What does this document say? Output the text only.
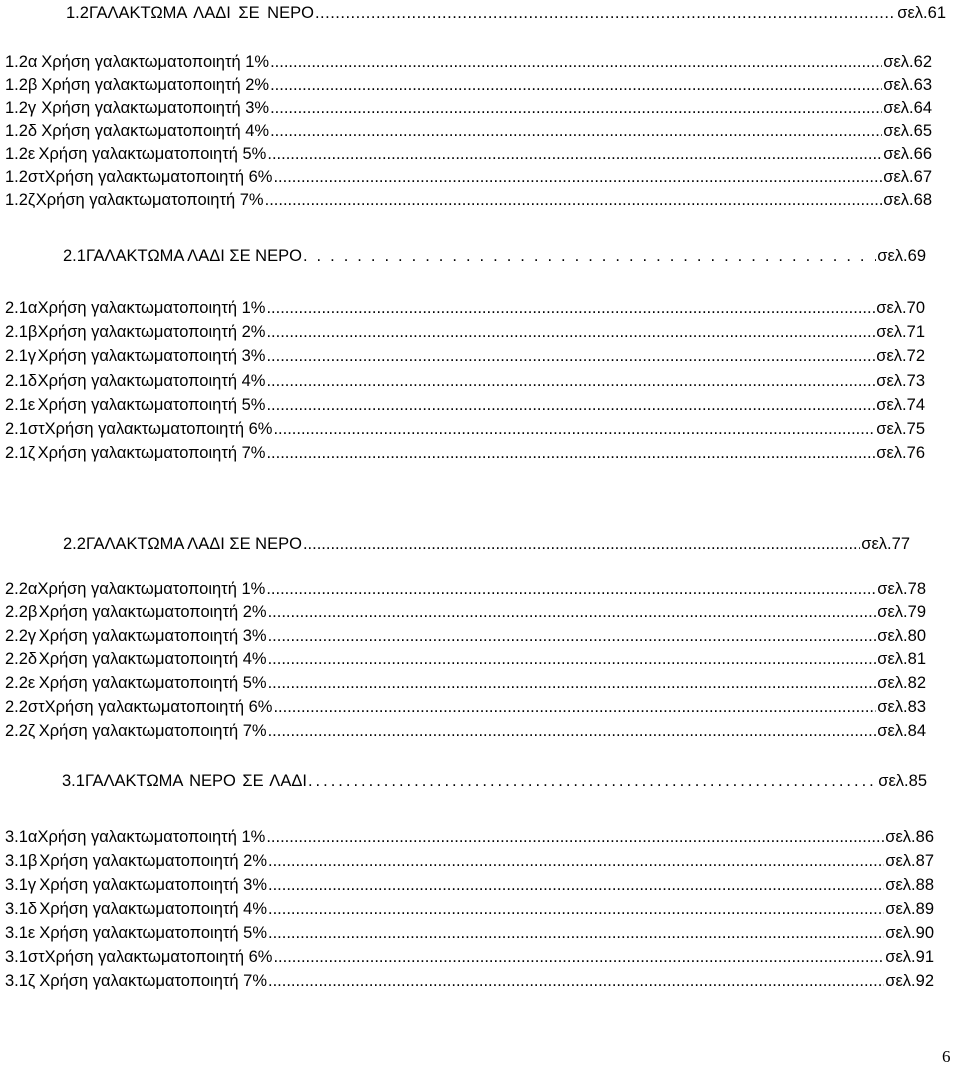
1.2 ΓΑΛΑΚΤΩΜΑ ΛΑΔΙ ΣΕ ΝΕΡΟ .....	σελ.61
1.2α Χρήση γαλακτωματοποιητή 1% .....	σελ.62
1.2β Χρήση γαλακτωματοποιητή 2% .....	σελ.63
1.2γ Χρήση γαλακτωματοποιητή 3% .....	σελ.64
1.2δ Χρήση γαλακτωματοποιητή 4% .....	σελ.65
1.2ε Χρήση γαλακτωματοποιητή 5% .....	σελ.66
1.2στ Χρήση γαλακτωματοποιητή 6% .....	σελ.67
1.2ζ Χρήση γαλακτωματοποιητή 7% .....	σελ.68
2.1 ΓΑΛΑΚΤΩΜΑ ΛΑΔΙ ΣΕ ΝΕΡΟ .....	σελ.69
2.1α Χρήση γαλακτωματοποιητή 1% .....	σελ.70
2.1β Χρήση γαλακτωματοποιητή 2% .....	σελ.71
2.1γ Χρήση γαλακτωματοποιητή 3% .....	σελ.72
2.1δ Χρήση γαλακτωματοποιητή 4% .....	σελ.73
2.1ε Χρήση γαλακτωματοποιητή 5% .....	σελ.74
2.1στ Χρήση γαλακτωματοποιητή 6% .....	σελ.75
2.1ζ Χρήση γαλακτωματοποιητή 7% .....	σελ.76
2.2 ΓΑΛΑΚΤΩΜΑ ΛΑΔΙ ΣΕ ΝΕΡΟ .....	σελ.77
2.2α Χρήση γαλακτωματοποιητή 1% .....	σελ.78
2.2β Χρήση γαλακτωματοποιητή 2% .....	σελ.79
2.2γ Χρήση γαλακτωματοποιητή 3% .....	σελ.80
2.2δ Χρήση γαλακτωματοποιητή 4% .....	σελ.81
2.2ε Χρήση γαλακτωματοποιητή 5% .....	σελ.82
2.2στ Χρήση γαλακτωματοποιητή 6% .....	σελ.83
2.2ζ Χρήση γαλακτωματοποιητή 7% .....	σελ.84
3.1 ΓΑΛΑΚΤΩΜΑ ΝΕΡΟ ΣΕ ΛΑΔΙ .....	σελ.85
3.1α Χρήση γαλακτωματοποιητή 1% .....	σελ.86
3.1β Χρήση γαλακτωματοποιητή 2% .....	σελ.87
3.1γ Χρήση γαλακτωματοποιητή 3% .....	σελ.88
3.1δ Χρήση γαλακτωματοποιητή 4% .....	σελ.89
3.1ε Χρήση γαλακτωματοποιητή 5% .....	σελ.90
3.1στ Χρήση γαλακτωματοποιητή 6% .....	σελ.91
3.1ζ Χρήση γαλακτωματοποιητή 7% .....	σελ.92
6
